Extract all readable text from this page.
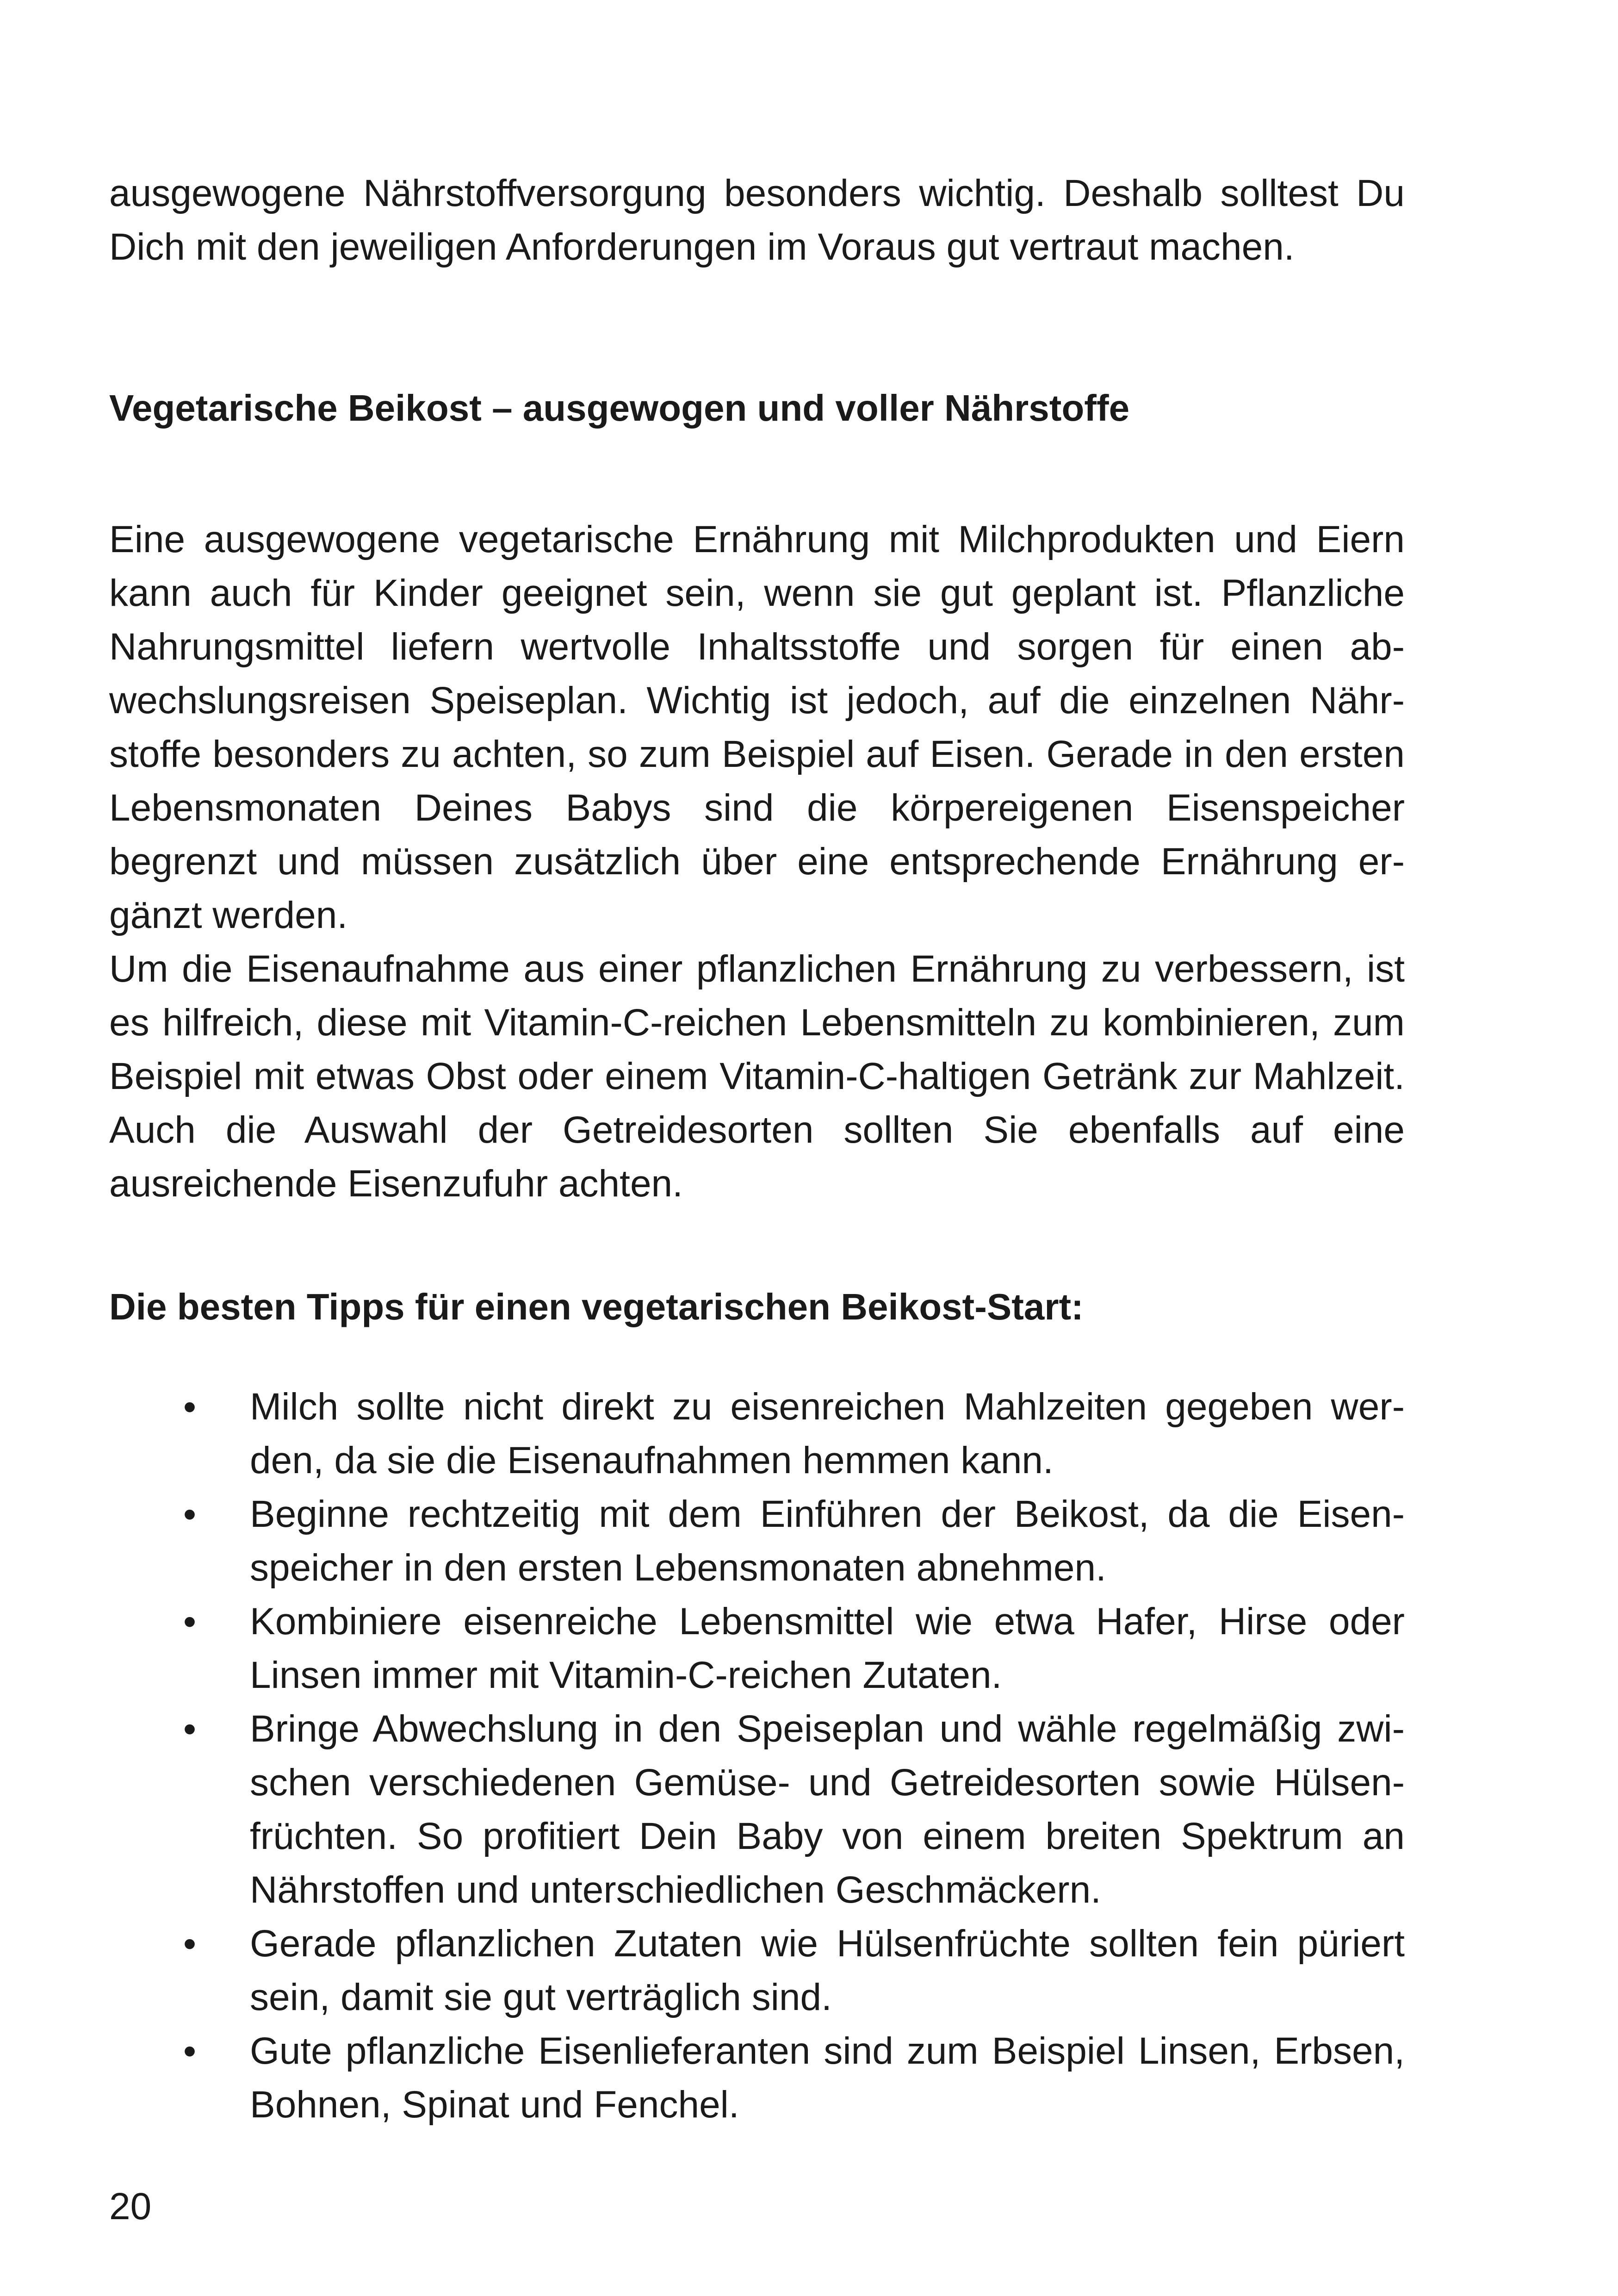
ausgewogene Nährstoffversorgung besonders wichtig. Deshalb solltest Du Dich mit den jeweiligen Anforderungen im Voraus gut vertraut machen.

Vegetarische Beikost – ausgewogen und voller Nährstoffe

Eine ausgewogene vegetarische Ernährung mit Milchprodukten und Eiern kann auch für Kinder geeignet sein, wenn sie gut geplant ist. Pflanzliche Nahrungsmittel liefern wertvolle Inhaltsstoffe und sorgen für einen abwechslungsreisen Speiseplan. Wichtig ist jedoch, auf die einzelnen Nährstoffe besonders zu achten, so zum Beispiel auf Eisen. Gerade in den ersten Lebensmonaten Deines Babys sind die körpereigenen Eisenspeicher begrenzt und müssen zusätzlich über eine entsprechende Ernährung ergänzt werden.

Um die Eisenaufnahme aus einer pflanzlichen Ernährung zu verbessern, ist es hilfreich, diese mit Vitamin-C-reichen Lebensmitteln zu kombinieren, zum Beispiel mit etwas Obst oder einem Vitamin-C-haltigen Getränk zur Mahlzeit. Auch die Auswahl der Getreidesorten sollten Sie ebenfalls auf eine ausreichende Eisenzufuhr achten.

Die besten Tipps für einen vegetarischen Beikost-Start:
• Milch sollte nicht direkt zu eisenreichen Mahlzeiten gegeben werden, da sie die Eisenaufnahmen hemmen kann.
• Beginne rechtzeitig mit dem Einführen der Beikost, da die Eisenspeicher in den ersten Lebensmonaten abnehmen.
• Kombiniere eisenreiche Lebensmittel wie etwa Hafer, Hirse oder Linsen immer mit Vitamin-C-reichen Zutaten.
• Bringe Abwechslung in den Speiseplan und wähle regelmäßig zwischen verschiedenen Gemüse- und Getreidesorten sowie Hülsenfrüchten. So profitiert Dein Baby von einem breiten Spektrum an Nährstoffen und unterschiedlichen Geschmäckern.
• Gerade pflanzlichen Zutaten wie Hülsenfrüchte sollten fein püriert sein, damit sie gut verträglich sind.
• Gute pflanzliche Eisenlieferanten sind zum Beispiel Linsen, Erbsen, Bohnen, Spinat und Fenchel.
20
